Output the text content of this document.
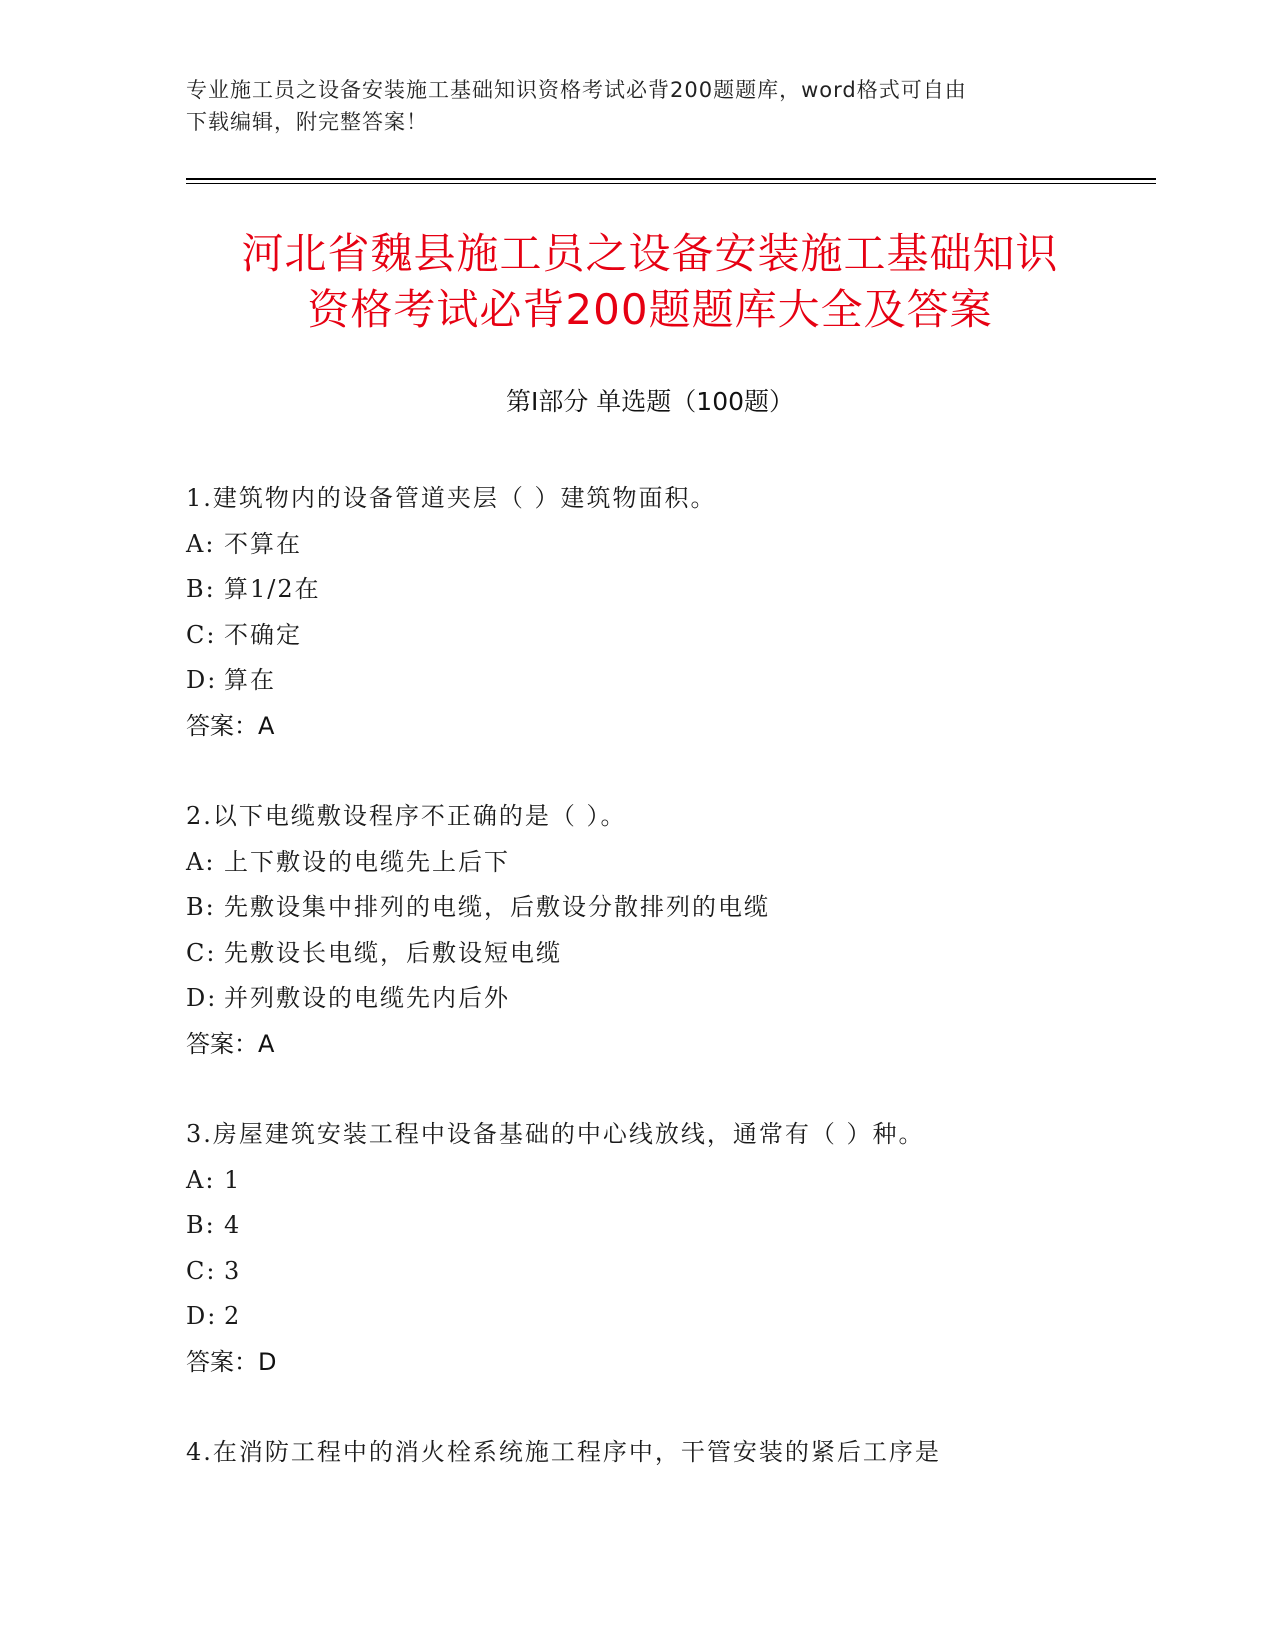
专业施工员之设备安装施工基础知识资格考试必背200题题库，word格式可自由
下载编辑，附完整答案！
河北省魏县施工员之设备安装施工基础知识
资格考试必背200题题库大全及答案
第Ⅰ部分 单选题（100题）
1.建筑物内的设备管道夹层（ ）建筑物面积。
A: 不算在
B: 算1/2在
C: 不确定
D: 算在
答案：A
2.以下电缆敷设程序不正确的是（ ）。
A: 上下敷设的电缆先上后下
B: 先敷设集中排列的电缆，后敷设分散排列的电缆
C: 先敷设长电缆，后敷设短电缆
D: 并列敷设的电缆先内后外
答案：A
3.房屋建筑安装工程中设备基础的中心线放线，通常有（ ）种。
A: 1
B: 4
C: 3
D: 2
答案：D
4.在消防工程中的消火栓系统施工程序中，干管安装的紧后工序是
